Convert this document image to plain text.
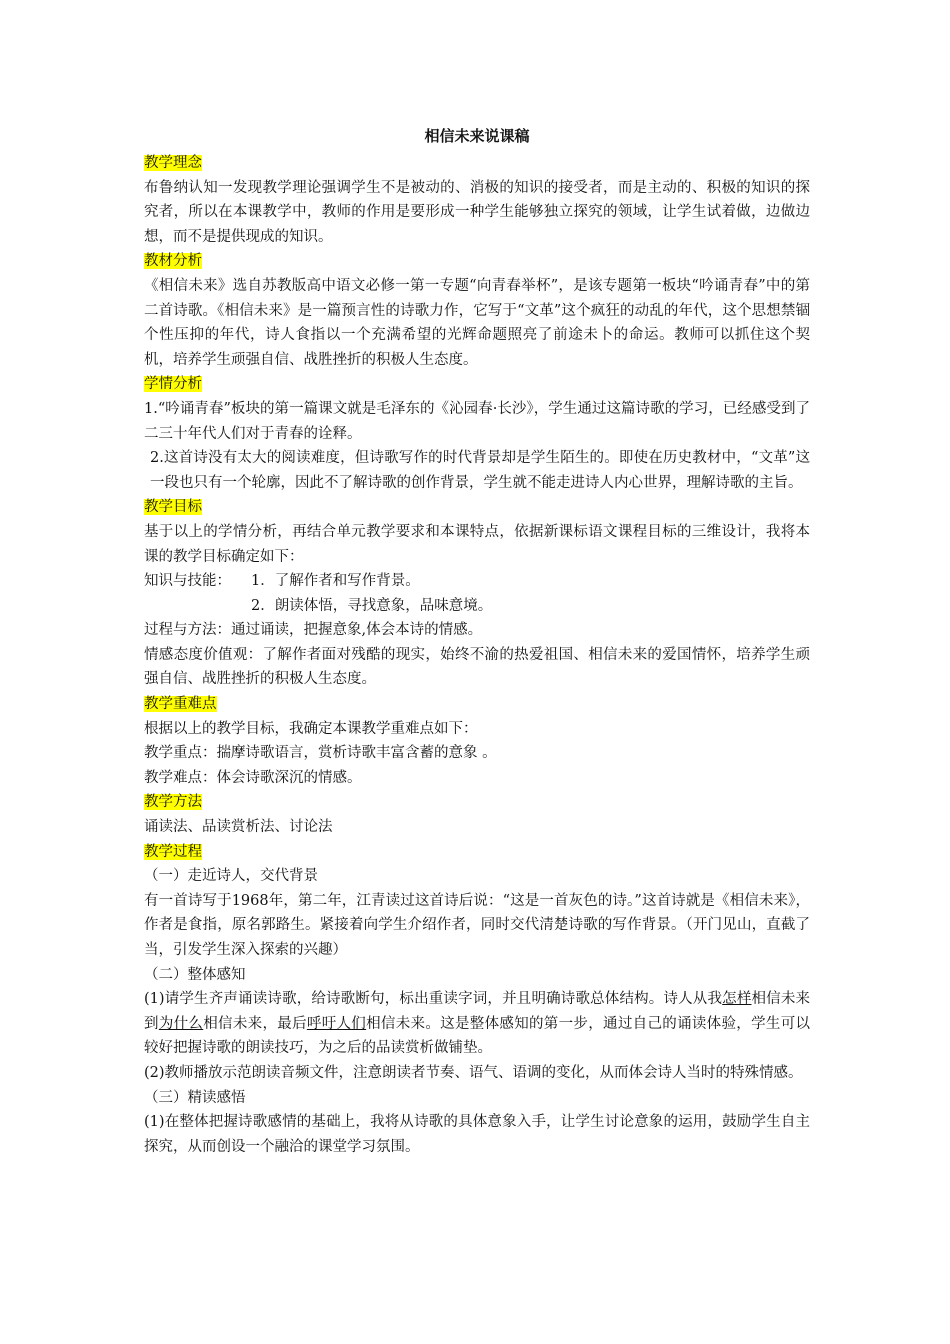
相信未来说课稿
教学理念

布鲁纳认知一发现教学理论强调学生不是被动的、消极的知识的接受者，而是主动的、积极的知识的探究者，所以在本课教学中，教师的作用是要形成一种学生能够独立探究的领域，让学生试着做，边做边想，而不是提供现成的知识。

教材分析

《相信未来》选自苏教版高中语文必修一第一专题“向青春举杯”，是该专题第一板块“吟诵青春”中的第二首诗歌。《相信未来》是一篇预言性的诗歌力作，它写于“文革”这个疯狂的动乱的年代，这个思想禁锢个性压抑的年代，诗人食指以一个充满希望的光辉命题照亮了前途未卜的命运。教师可以抓住这个契机，培养学生顽强自信、战胜挫折的积极人生态度。

学情分析

1.“吟诵青春”板块的第一篇课文就是毛泽东的《沁园春·长沙》，学生通过这篇诗歌的学习，已经感受到了二三十年代人们对于青春的诠释。

2.这首诗没有太大的阅读难度，但诗歌写作的时代背景却是学生陌生的。即使在历史教材中，“文革”这一段也只有一个轮廓，因此不了解诗歌的创作背景，学生就不能走进诗人内心世界，理解诗歌的主旨。

教学目标

基于以上的学情分析，再结合单元教学要求和本课特点，依据新课标语文课程目标的三维设计，我将本课的教学目标确定如下：

知识与技能：	1．了解作者和写作背景。
2．朗读体悟，寻找意象，品味意境。

过程与方法：通过诵读，把握意象,体会本诗的情感。

情感态度价值观：了解作者面对残酷的现实，始终不渝的热爱祖国、相信未来的爱国情怀，培养学生顽强自信、战胜挫折的积极人生态度。

教学重难点

根据以上的教学目标，我确定本课教学重难点如下：

教学重点：揣摩诗歌语言，赏析诗歌丰富含蓄的意象 。

教学难点：体会诗歌深沉的情感。

教学方法

诵读法、品读赏析法、讨论法

教学过程

（一）走近诗人，交代背景

有一首诗写于1968年，第二年，江青读过这首诗后说：“这是一首灰色的诗。”这首诗就是《相信未来》，作者是食指，原名郭路生。紧接着向学生介绍作者，同时交代清楚诗歌的写作背景。（开门见山，直截了当，引发学生深入探索的兴趣）

（二）整体感知

(1)请学生齐声诵读诗歌，给诗歌断句，标出重读字词，并且明确诗歌总体结构。诗人从我怎样相信未来到为什么相信未来，最后呼吁人们相信未来。这是整体感知的第一步，通过自己的诵读体验，学生可以较好把握诗歌的朗读技巧，为之后的品读赏析做铺垫。

(2)教师播放示范朗读音频文件，注意朗读者节奏、语气、语调的变化，从而体会诗人当时的特殊情感。

（三）精读感悟

(1)在整体把握诗歌感情的基础上，我将从诗歌的具体意象入手，让学生讨论意象的运用，鼓励学生自主探究，从而创设一个融洽的课堂学习氛围。
